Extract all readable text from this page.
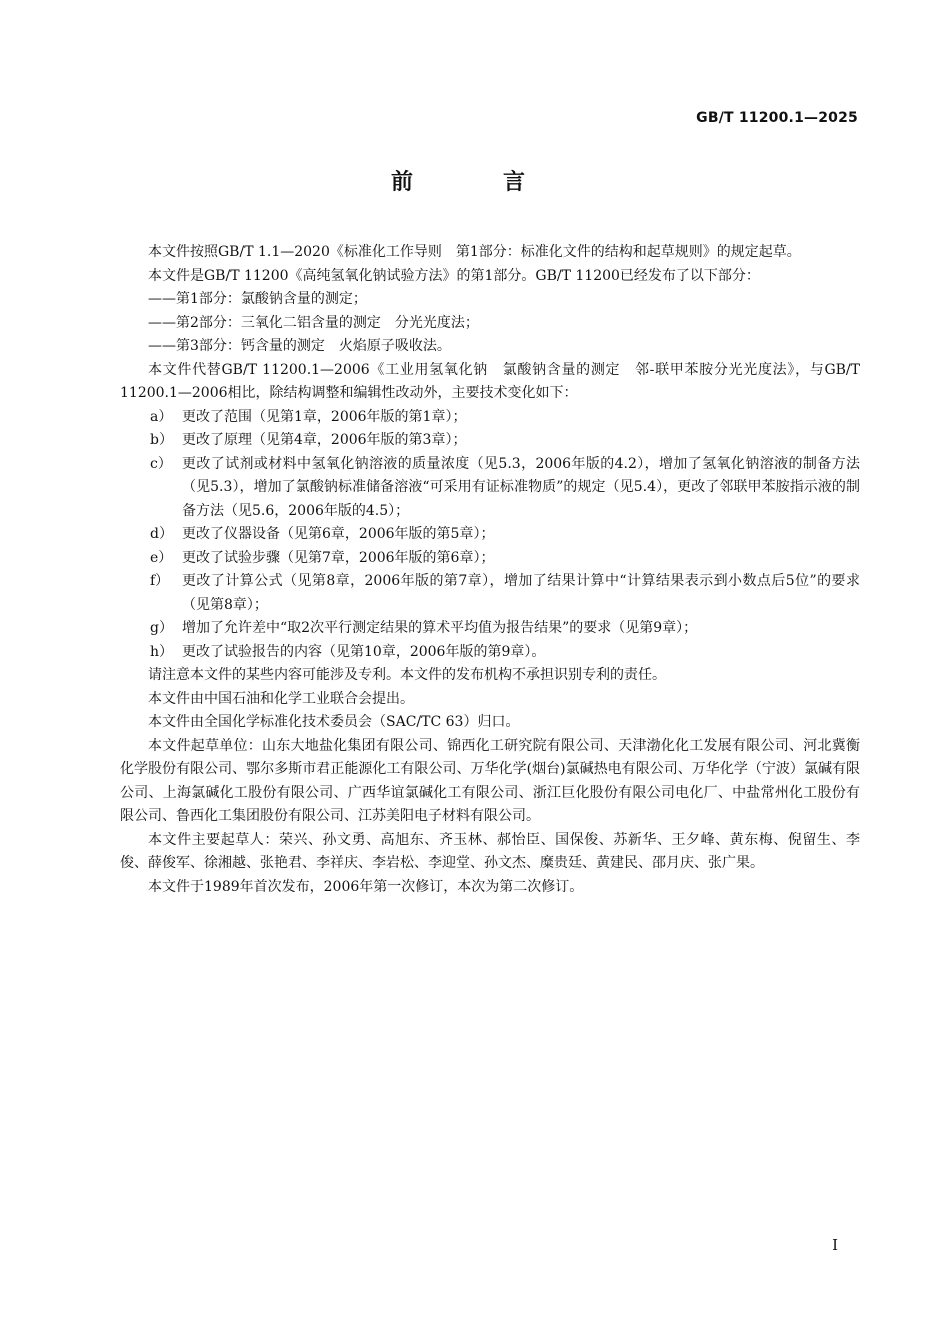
GB/T 11200.1—2025
前　言

本文件按照GB/T 1.1—2020《标准化工作导则　第1部分：标准化文件的结构和起草规则》的规定起草。

本文件是GB/T 11200《高纯氢氧化钠试验方法》的第1部分。GB/T 11200已经发布了以下部分：

——第1部分：氯酸钠含量的测定；

——第2部分：三氧化二铝含量的测定　分光光度法；

——第3部分：钙含量的测定　火焰原子吸收法。

本文件代替GB/T 11200.1—2006《工业用氢氧化钠　氯酸钠含量的测定　邻-联甲苯胺分光光度法》，与GB/T 11200.1—2006相比，除结构调整和编辑性改动外，主要技术变化如下：

a） 更改了范围（见第1章，2006年版的第1章）；
b） 更改了原理（见第4章，2006年版的第3章）；
c） 更改了试剂或材料中氢氧化钠溶液的质量浓度（见5.3，2006年版的4.2），增加了氢氧化钠溶液的制备方法（见5.3），增加了氯酸钠标准储备溶液“可采用有证标准物质”的规定（见5.4），更改了邻联甲苯胺指示液的制备方法（见5.6，2006年版的4.5）；
d） 更改了仪器设备（见第6章，2006年版的第5章）；
e） 更改了试验步骤（见第7章，2006年版的第6章）；
f） 更改了计算公式（见第8章，2006年版的第7章），增加了结果计算中“计算结果表示到小数点后5位”的要求（见第8章）；
g） 增加了允许差中“取2次平行测定结果的算术平均值为报告结果”的要求（见第9章）；
h） 更改了试验报告的内容（见第10章，2006年版的第9章）。

请注意本文件的某些内容可能涉及专利。本文件的发布机构不承担识别专利的责任。

本文件由中国石油和化学工业联合会提出。

本文件由全国化学标准化技术委员会（SAC/TC 63）归口。

本文件起草单位：山东大地盐化集团有限公司、锦西化工研究院有限公司、天津渤化化工发展有限公司、河北冀衡化学股份有限公司、鄂尔多斯市君正能源化工有限公司、万华化学(烟台)氯碱热电有限公司、万华化学（宁波）氯碱有限公司、上海氯碱化工股份有限公司、广西华谊氯碱化工有限公司、浙江巨化股份有限公司电化厂、中盐常州化工股份有限公司、鲁西化工集团股份有限公司、江苏美阳电子材料有限公司。

本文件主要起草人：荣兴、孙文勇、高旭东、齐玉林、郝怡臣、国保俊、苏新华、王夕峰、黄东梅、倪留生、李俊、薛俊军、徐湘越、张艳君、李祥庆、李岩松、李迎堂、孙文杰、糜贵廷、黄建民、邵月庆、张广果。

本文件于1989年首次发布，2006年第一次修订，本次为第二次修订。

I
